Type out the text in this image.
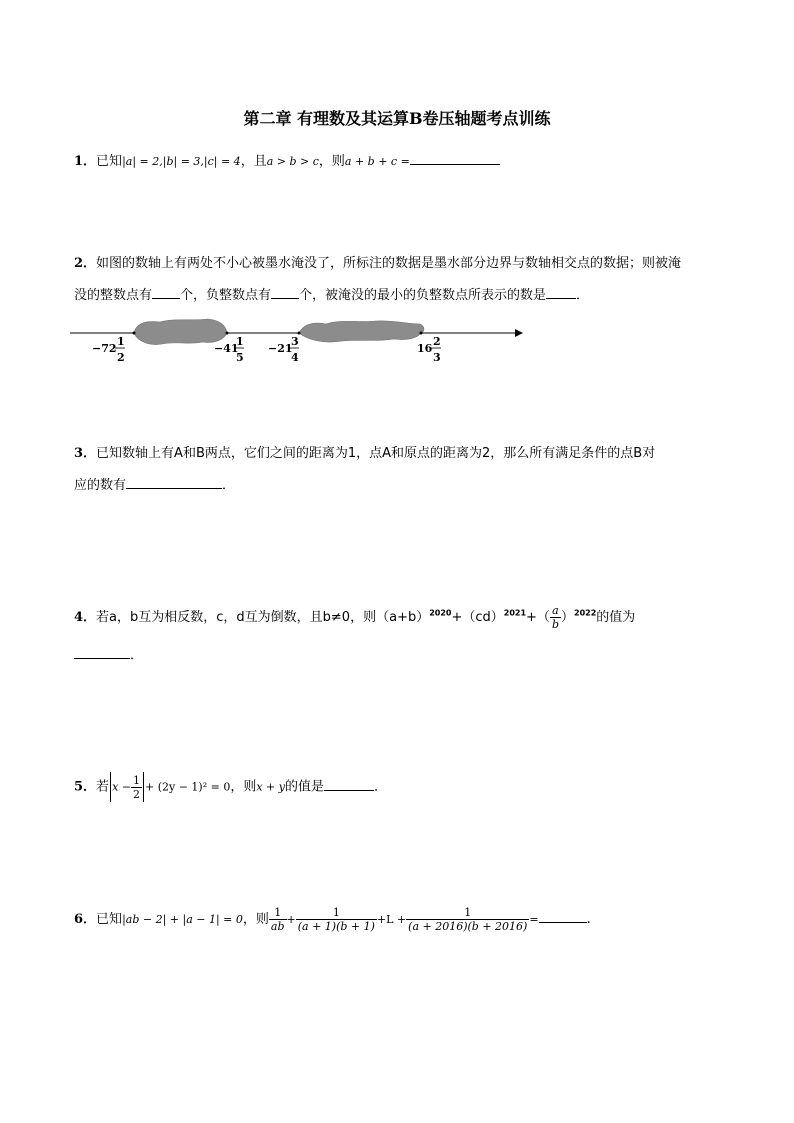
第二章 有理数及其运算B卷压轴题考点训练
1．已知|a| = 2,|b| = 3,|c| = 4，且a > b > c，则a + b + c =
2．如图的数轴上有两处不小心被墨水淹没了，所标注的数据是墨水部分边界与数轴相交点的数据；则被淹
没的整数点有 个，负整数点有 个，被淹没的最小的负整数点所表示的数是 ．
−72
1
2
−41
1
5
−21
3
4
16
2
3
3．已知数轴上有A和B两点，它们之间的距离为1，点A和原点的距离为2，那么所有满足条件的点B对
应的数有	．
4．若a，b互为相反数，c，d互为倒数，且b≠0，则$(a+b)^{2020}+(cd)^{2021}+( \frac{a}{b} )^{2022}$的值为
．
5．若 $x - \frac{1}{2} + (2y - 1)^2 = 0$，则x + y的值是	．
6．已知|ab − 2| + |a − 1| = 0，则 $\frac{1}{ab} + \frac{1}{(a + 1)(b + 1)} +L + \frac{1}{(a + 2016)(b + 2016)}$ =	.
